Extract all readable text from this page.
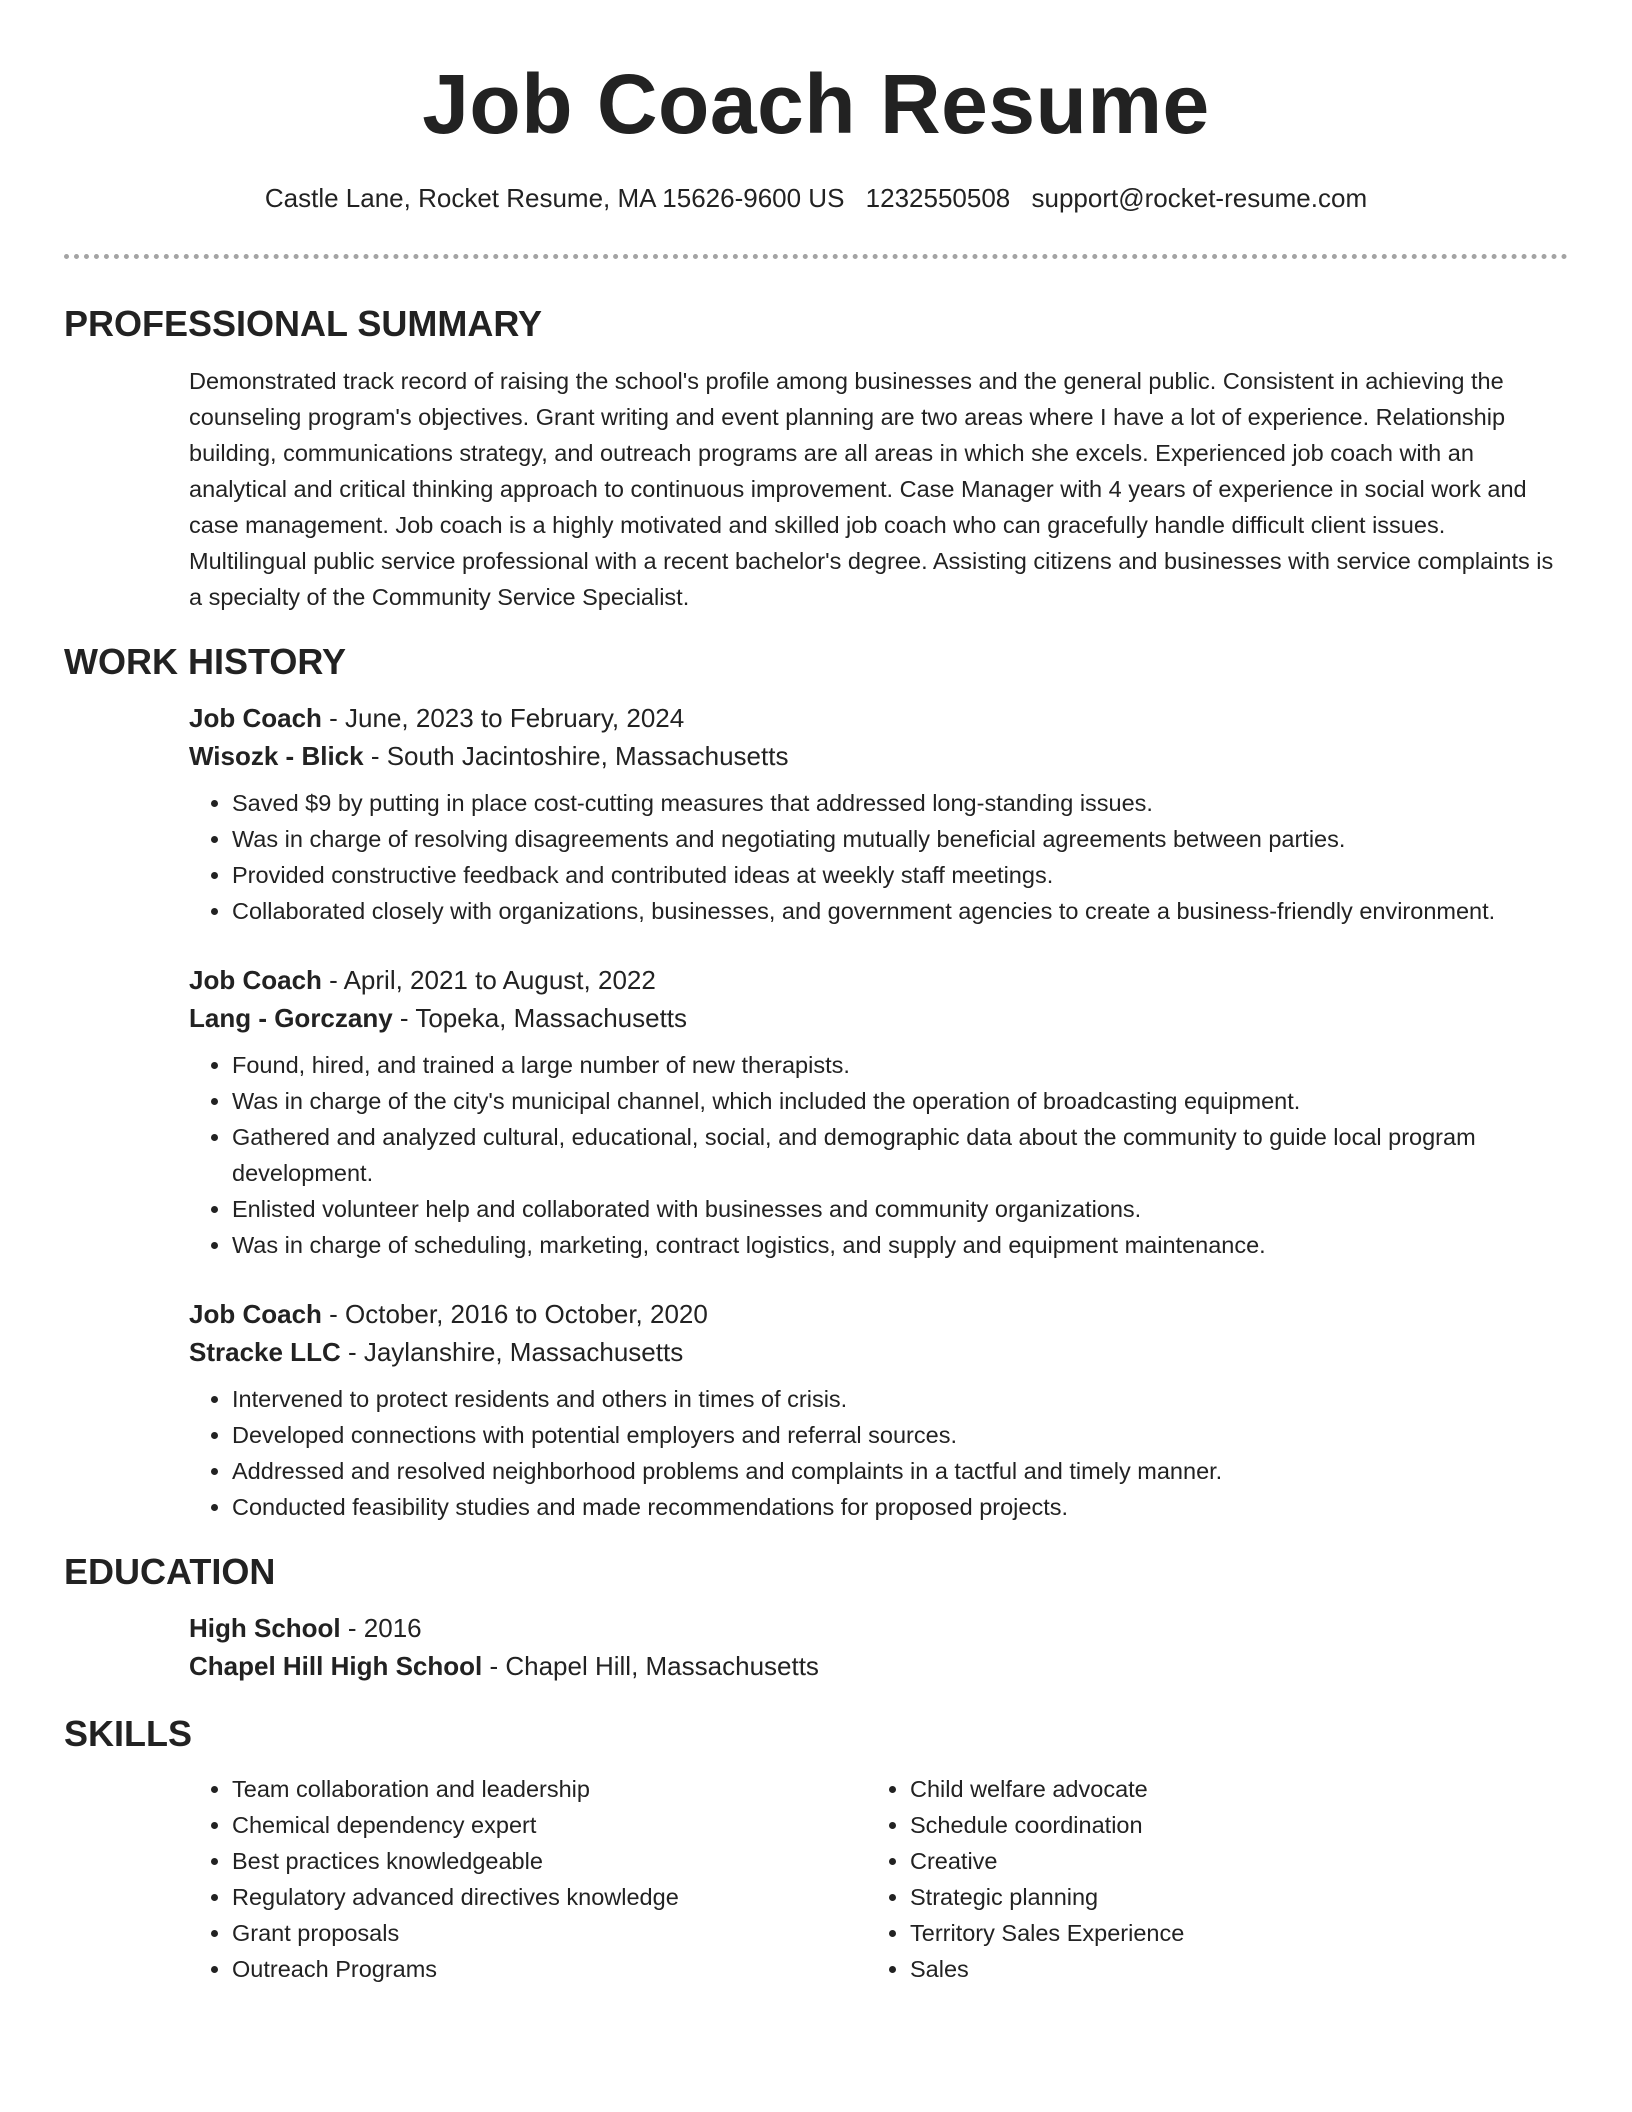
Job Coach Resume
Castle Lane, Rocket Resume, MA 15626-9600 US 1232550508 support@rocket-resume.com
PROFESSIONAL SUMMARY

Demonstrated track record of raising the school's profile among businesses and the general public. Consistent in achieving the counseling program's objectives. Grant writing and event planning are two areas where I have a lot of experience. Relationship building, communications strategy, and outreach programs are all areas in which she excels. Experienced job coach with an analytical and critical thinking approach to continuous improvement. Case Manager with 4 years of experience in social work and case management. Job coach is a highly motivated and skilled job coach who can gracefully handle difficult client issues. Multilingual public service professional with a recent bachelor's degree. Assisting citizens and businesses with service complaints is a specialty of the Community Service Specialist.

WORK HISTORY

Job Coach - June, 2023 to February, 2024

Wisozk - Blick - South Jacintoshire, Massachusetts

• Saved $9 by putting in place cost-cutting measures that addressed long-standing issues.
• Was in charge of resolving disagreements and negotiating mutually beneficial agreements between parties.
• Provided constructive feedback and contributed ideas at weekly staff meetings.
• Collaborated closely with organizations, businesses, and government agencies to create a business-friendly environment.

Job Coach - April, 2021 to August, 2022

Lang - Gorczany - Topeka, Massachusetts

• Found, hired, and trained a large number of new therapists.
• Was in charge of the city's municipal channel, which included the operation of broadcasting equipment.
• Gathered and analyzed cultural, educational, social, and demographic data about the community to guide local program development.
• Enlisted volunteer help and collaborated with businesses and community organizations.
• Was in charge of scheduling, marketing, contract logistics, and supply and equipment maintenance.

Job Coach - October, 2016 to October, 2020

Stracke LLC - Jaylanshire, Massachusetts

• Intervened to protect residents and others in times of crisis.
• Developed connections with potential employers and referral sources.
• Addressed and resolved neighborhood problems and complaints in a tactful and timely manner.
• Conducted feasibility studies and made recommendations for proposed projects.
EDUCATION

High School - 2016

Chapel Hill High School - Chapel Hill, Massachusetts

SKILLS
• Team collaboration and leadership
• Chemical dependency expert
• Best practices knowledgeable
• Regulatory advanced directives knowledge
• Grant proposals
• Outreach Programs
• Child welfare advocate
• Schedule coordination
• Creative
• Strategic planning
• Territory Sales Experience
• Sales
